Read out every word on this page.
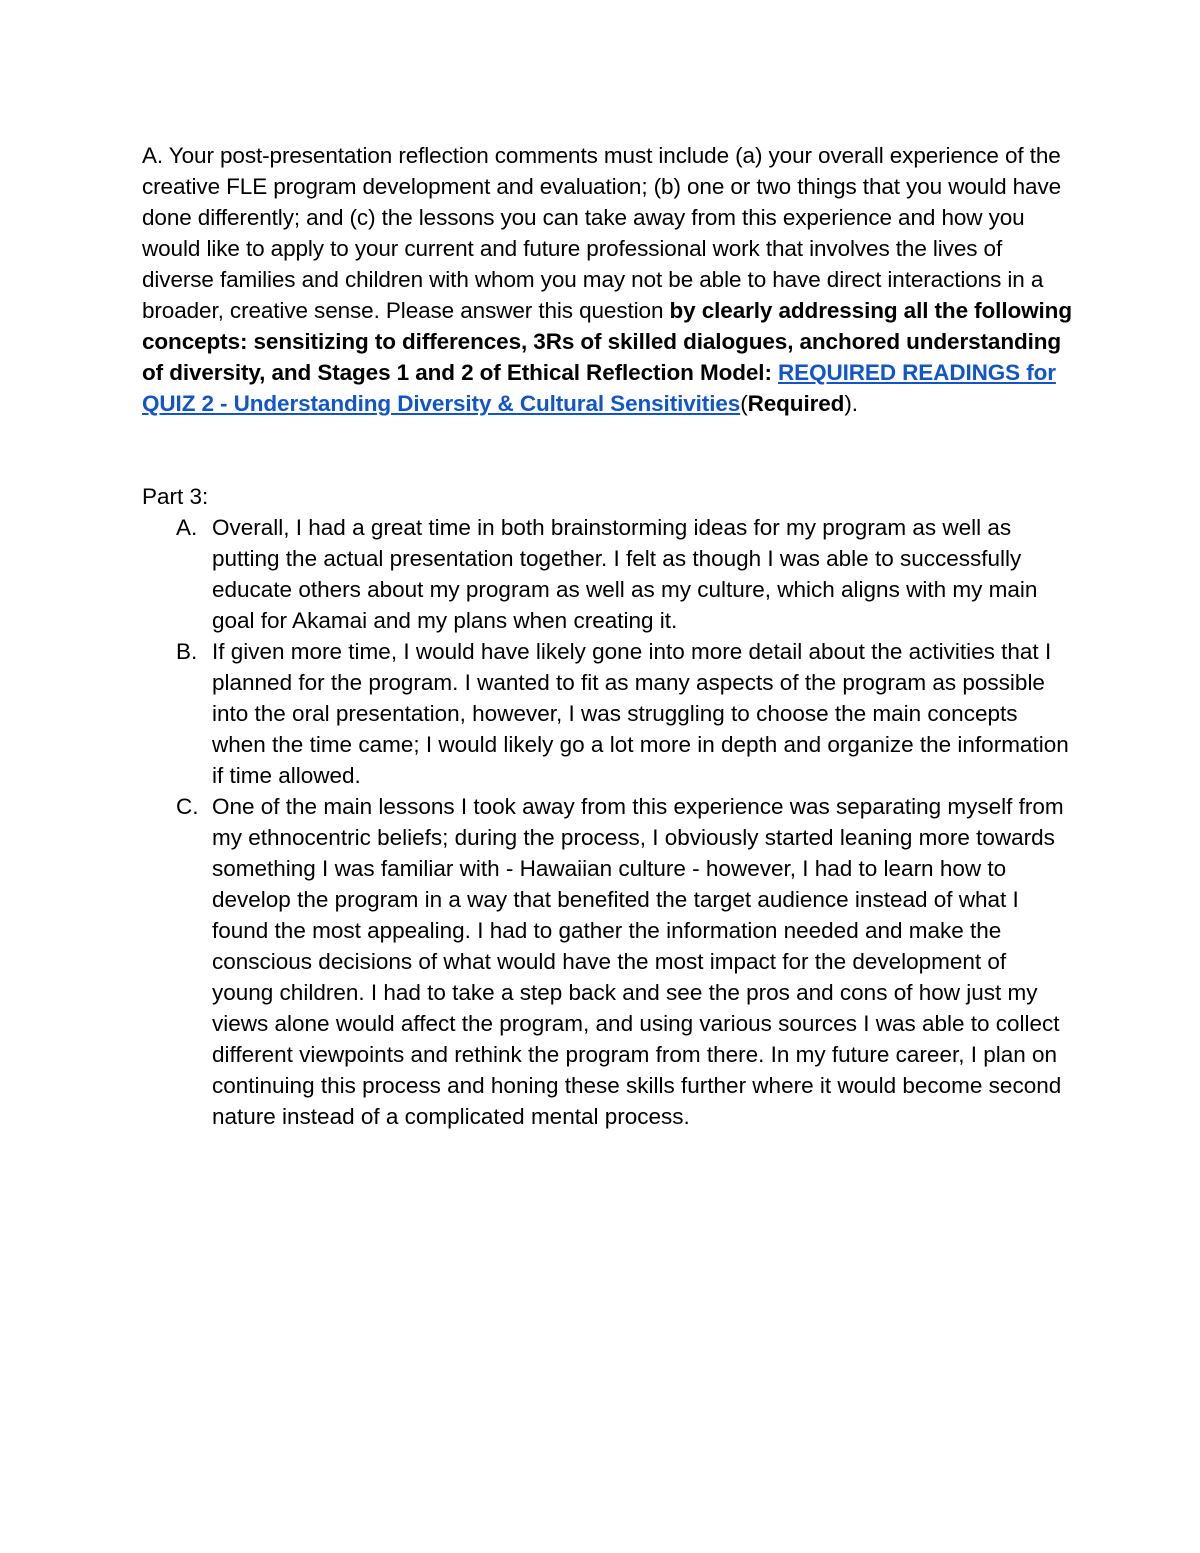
A. Your post-presentation reflection comments must include (a) your overall experience of the creative FLE program development and evaluation; (b) one or two things that you would have done differently; and (c) the lessons you can take away from this experience and how you would like to apply to your current and future professional work that involves the lives of diverse families and children with whom you may not be able to have direct interactions in a broader, creative sense. Please answer this question by clearly addressing all the following concepts: sensitizing to differences, 3Rs of skilled dialogues, anchored understanding of diversity, and Stages 1 and 2 of Ethical Reflection Model: REQUIRED READINGS for QUIZ 2 - Understanding Diversity & Cultural Sensitivities(Required).

Part 3:

A. Overall, I had a great time in both brainstorming ideas for my program as well as putting the actual presentation together. I felt as though I was able to successfully educate others about my program as well as my culture, which aligns with my main goal for Akamai and my plans when creating it.
B. If given more time, I would have likely gone into more detail about the activities that I planned for the program. I wanted to fit as many aspects of the program as possible into the oral presentation, however, I was struggling to choose the main concepts when the time came; I would likely go a lot more in depth and organize the information if time allowed.
C. One of the main lessons I took away from this experience was separating myself from my ethnocentric beliefs; during the process, I obviously started leaning more towards something I was familiar with - Hawaiian culture - however, I had to learn how to develop the program in a way that benefited the target audience instead of what I found the most appealing. I had to gather the information needed and make the conscious decisions of what would have the most impact for the development of young children. I had to take a step back and see the pros and cons of how just my views alone would affect the program, and using various sources I was able to collect different viewpoints and rethink the program from there. In my future career, I plan on continuing this process and honing these skills further where it would become second nature instead of a complicated mental process.
